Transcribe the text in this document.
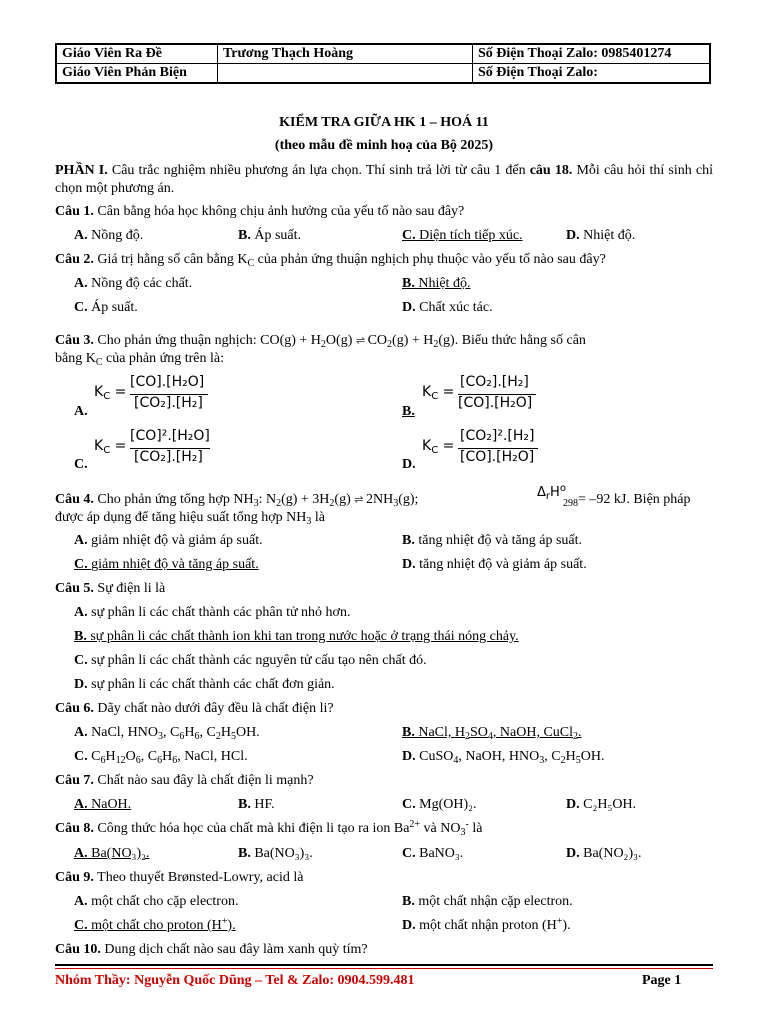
Giáo Viên Ra Đề	Trương Thạch Hoàng	Số Điện Thoại Zalo: 0985401274
Giáo Viên Phản Biện		Số Điện Thoại Zalo:
KIỂM TRA GIỮA HK 1 – HOÁ 11
(theo mẫu đề minh hoạ của Bộ 2025)
PHẦN I. Câu trắc nghiệm nhiều phương án lựa chọn. Thí sinh trả lời từ câu 1 đến câu 18. Mỗi câu hỏi thí sinh chỉ chọn một phương án.
Câu 1. Cân bằng hóa học không chịu ảnh hưởng của yếu tố nào sau đây?
A. Nồng độ.	B. Áp suất.	C. Diện tích tiếp xúc.	D. Nhiệt độ.
Câu 2. Giá trị hằng số cân bằng $K_C$ của phản ứng thuận nghịch phụ thuộc vào yếu tố nào sau đây?
A. Nồng độ các chất.	B. Nhiệt độ.
C. Áp suất.	D. Chất xúc tác.
Câu 3. Cho phản ứng thuận nghịch: $CO(g) + H_2O(g)$ ⇌ $CO_2(g) + H_2(g)$. Biểu thức hằng số cân
bằng $K_C$ của phản ứng trên là:
A.
$K_C$ =
[CO].[H₂O]
[CO₂].[H₂]
B.
$K_C$ =
[CO₂].[H₂]
[CO].[H₂O]
C.
$K_C$ =
[CO]².[H₂O]
[CO₂].[H₂]	D.
$K_C$ =
[CO₂]².[H₂]
[CO].[H₂O]
Câu 4. Cho phản ứng tổng hợp $NH_3$: $N_2(g) + 3H_2(g)$ ⇌ $2NH_3(g)$;	$\Delta_rH^o$
$_{298}$= –92 kJ. Biện pháp
được áp dụng để tăng hiệu suất tổng hợp $NH_3$ là
A. giảm nhiệt độ và giảm áp suất.	B. tăng nhiệt độ và tăng áp suất.
C. giảm nhiệt độ và tăng áp suất.	D. tăng nhiệt độ và giảm áp suất.
Câu 5. Sự điện li là
A. sự phân li các chất thành các phân tử nhỏ hơn.
B. sự phân li các chất thành ion khi tan trong nước hoặc ở trạng thái nóng chảy.
C. sự phân li các chất thành các nguyên tử cấu tạo nên chất đó.
D. sự phân li các chất thành các chất đơn giản.
Câu 6. Dãy chất nào dưới đây đều là chất điện li?
A. NaCl, $HNO_3$, $C_6H_6$, $C_2H_5OH$.	B. NaCl, $H_2SO_4$, NaOH, CuCl$_2$.
C. $C_6H_{12}O_6$, $C_6H_6$, NaCl, HCl.	D. CuSO$_4$, NaOH, $HNO_3$, $C_2H_5OH$.
Câu 7. Chất nào sau đây là chất điện li mạnh?
A. NaOH.	B. HF.	C. Mg(OH)₂.	D. C₂H₅OH.
Câu 8. Công thức hóa học của chất mà khi điện li tạo ra ion $Ba^{2+}$ và $NO_3^-$ là
A. Ba(NO₃)₂.	B. Ba(NO₃)₃.	C. BaNO₃.	D. Ba(NO₂)₃.
Câu 9. Theo thuyết Brønsted-Lowry, acid là
A. một chất cho cặp electron.	B. một chất nhận cặp electron.
C. một chất cho proton (H+).	D. một chất nhận proton (H+).
Câu 10. Dung dịch chất nào sau đây làm xanh quỳ tím?
Nhóm Thầy: Nguyễn Quốc Dũng – Tel & Zalo: 0904.599.481	Page 1
